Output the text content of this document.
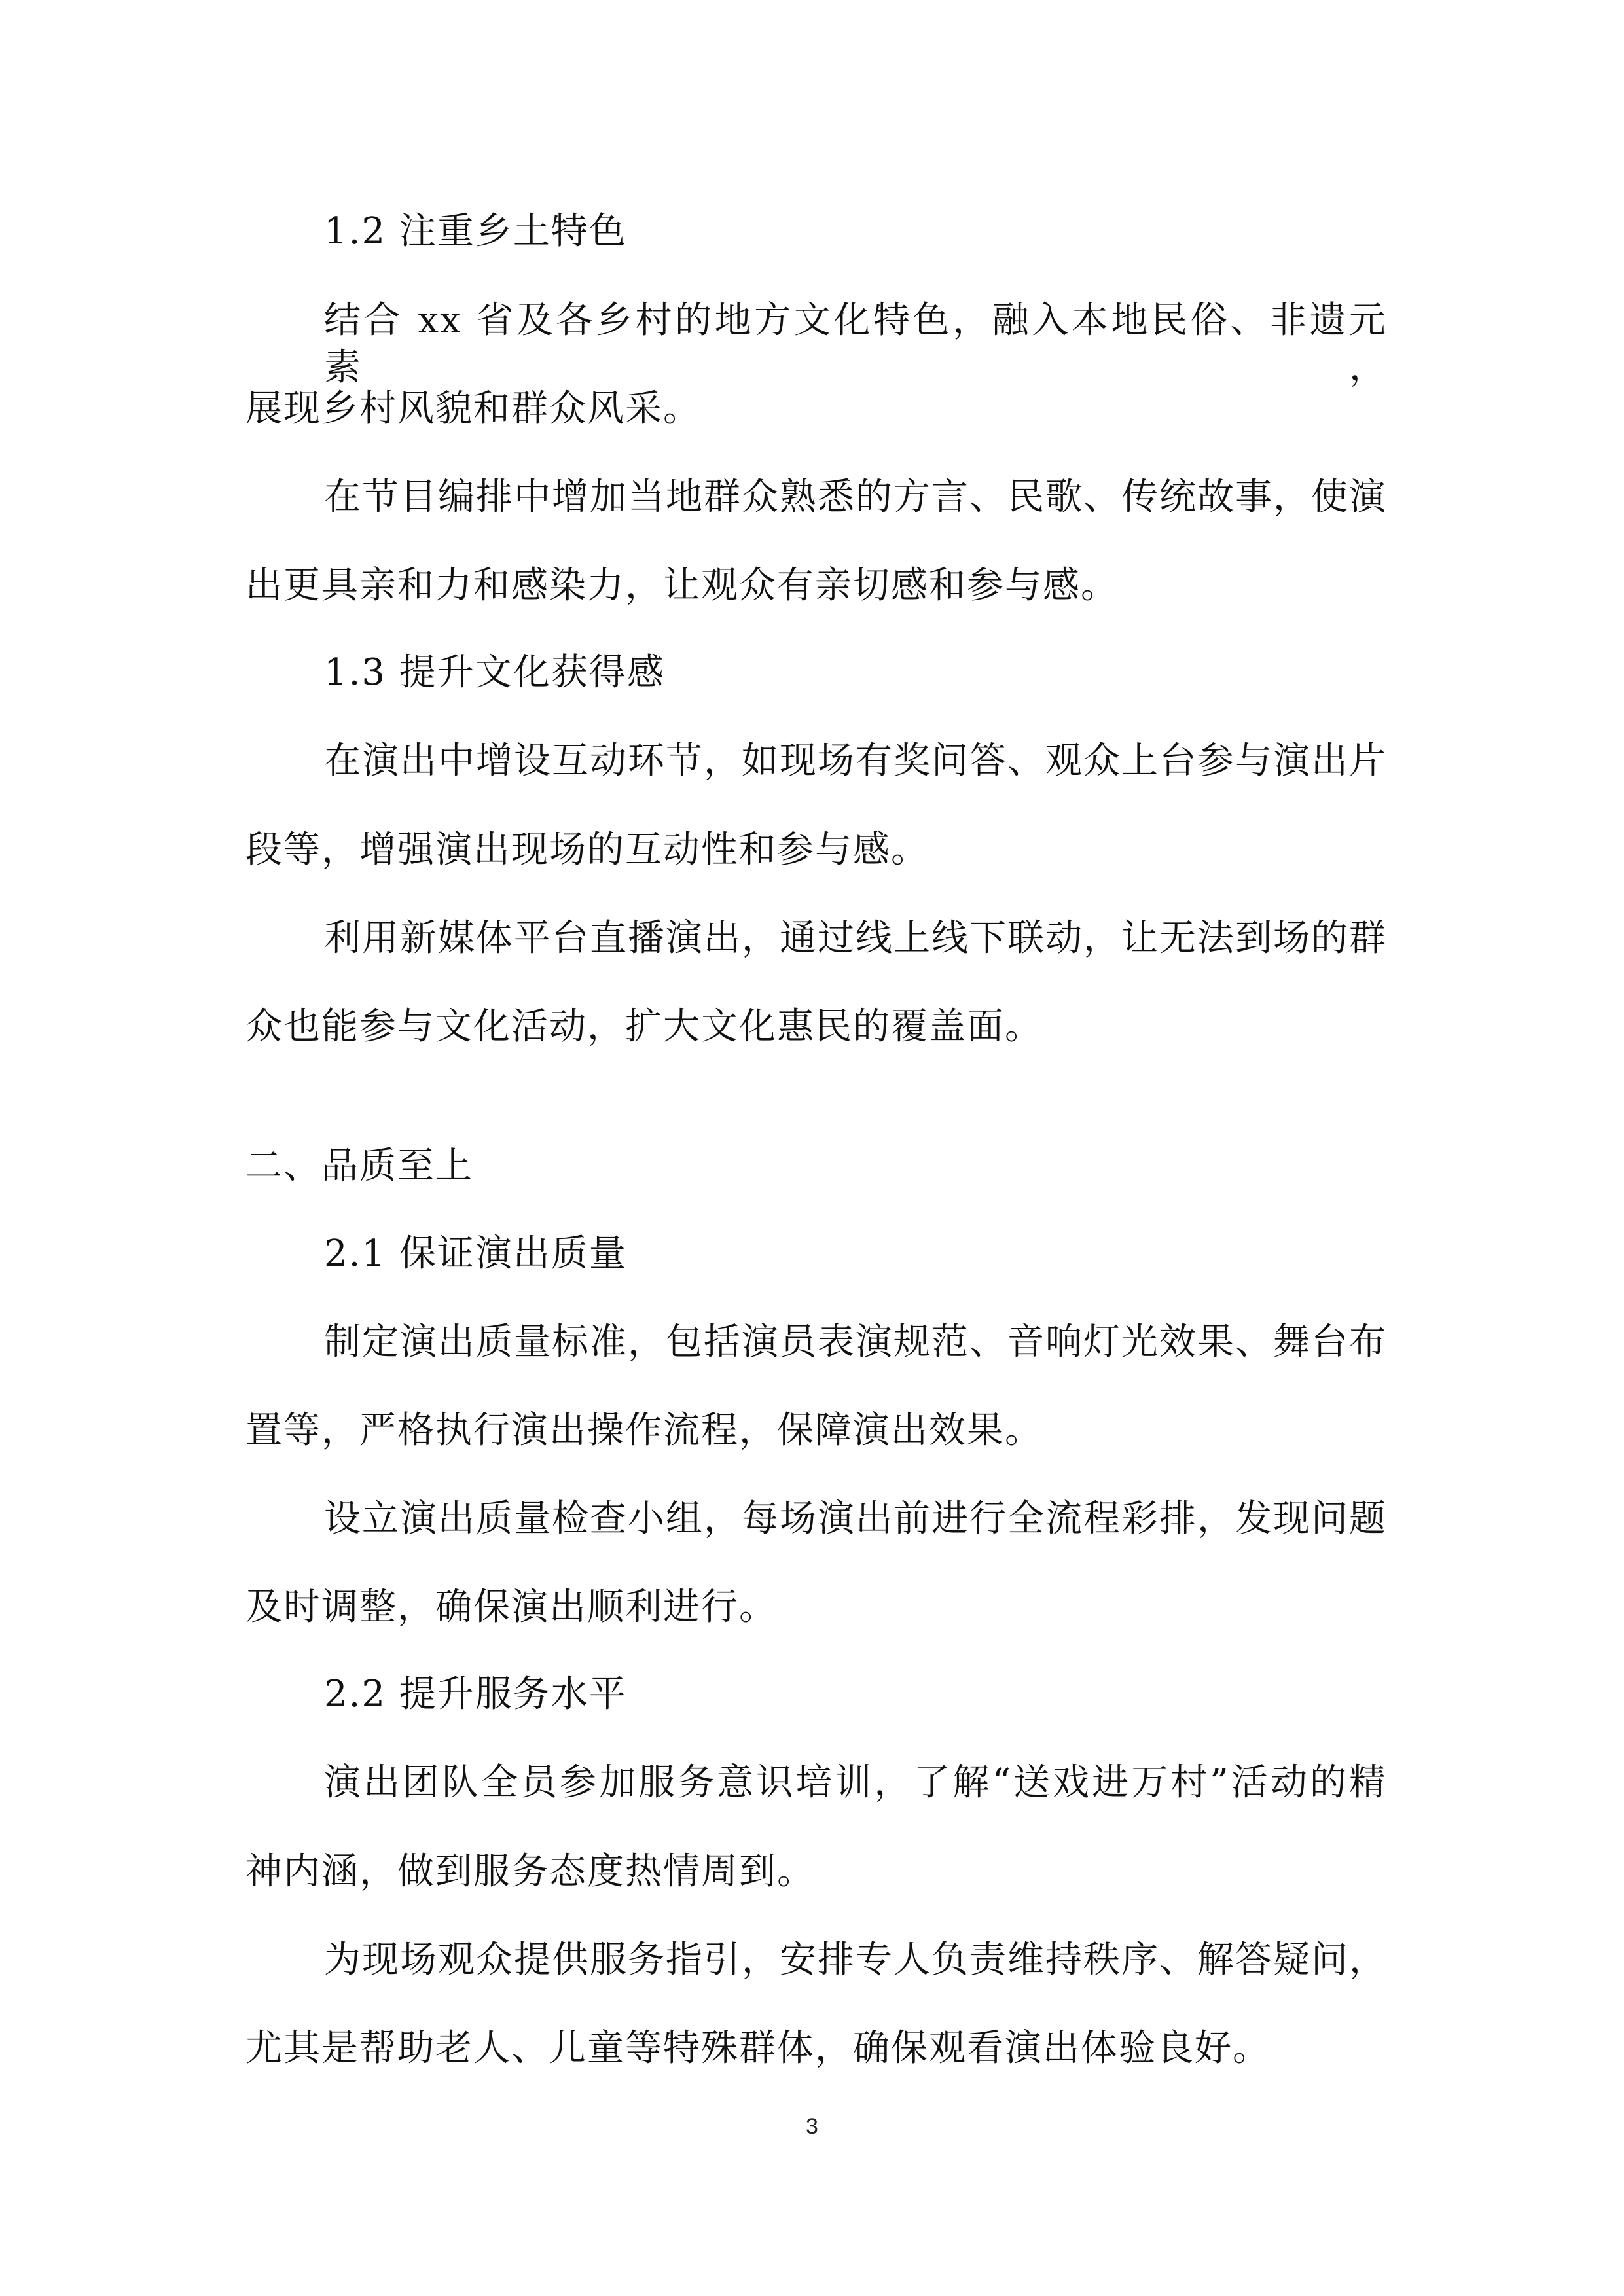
1.2 注重乡土特色
结合 xx 省及各乡村的地方文化特色，融入本地民俗、非遗元素，
展现乡村风貌和群众风采。
在节目编排中增加当地群众熟悉的方言、民歌、传统故事，使演
出更具亲和力和感染力，让观众有亲切感和参与感。
1.3 提升文化获得感
在演出中增设互动环节，如现场有奖问答、观众上台参与演出片
段等，增强演出现场的互动性和参与感。
利用新媒体平台直播演出，通过线上线下联动，让无法到场的群
众也能参与文化活动，扩大文化惠民的覆盖面。
二、品质至上
2.1 保证演出质量
制定演出质量标准，包括演员表演规范、音响灯光效果、舞台布
置等，严格执行演出操作流程，保障演出效果。
设立演出质量检查小组，每场演出前进行全流程彩排，发现问题
及时调整，确保演出顺利进行。
2.2 提升服务水平
演出团队全员参加服务意识培训，了解“送戏进万村”活动的精
神内涵，做到服务态度热情周到。
为现场观众提供服务指引，安排专人负责维持秩序、解答疑问，
尤其是帮助老人、儿童等特殊群体，确保观看演出体验良好。
3
